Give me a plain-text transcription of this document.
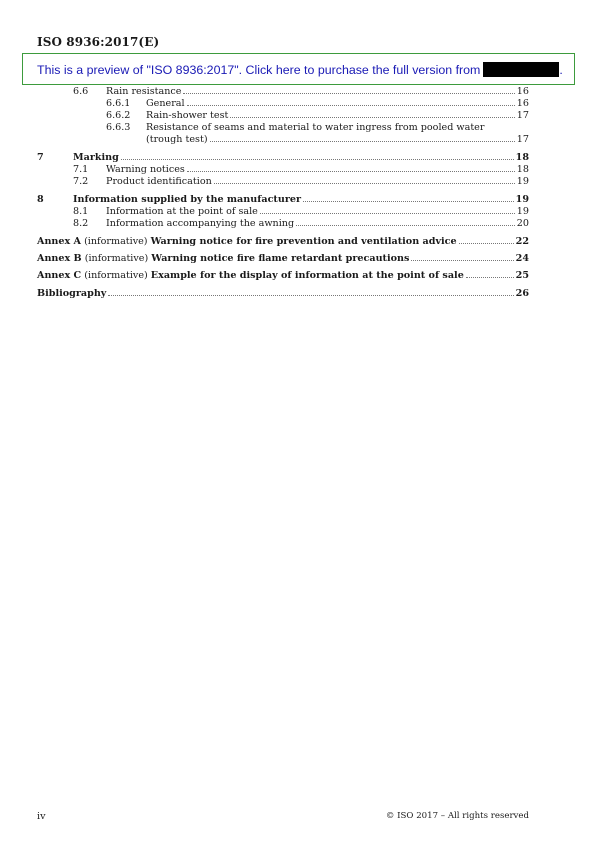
ISO 8936:2017(E)
This is a preview of "ISO 8936:2017". Click here to purchase the full version from	.
6.6 Rain resistance	16
6.6.1 General	16
6.6.2 Rain-shower test	17
6.6.3 Resistance of seams and material to water ingress from pooled water
(trough test)	17
7	Marking	18
7.1 Warning notices	18
7.2 Product identification	19
8	Information supplied by the manufacturer	19
8.1 Information at the point of sale	19
8.2 Information accompanying the awning	20
Annex A (informative) Warning notice for fire prevention and ventilation advice	22
Annex B (informative) Warning notice fire flame retardant precautions	24
Annex C (informative) Example for the display of information at the point of sale	25
Bibliography	26
iv	© ISO 2017 – All rights reserved
